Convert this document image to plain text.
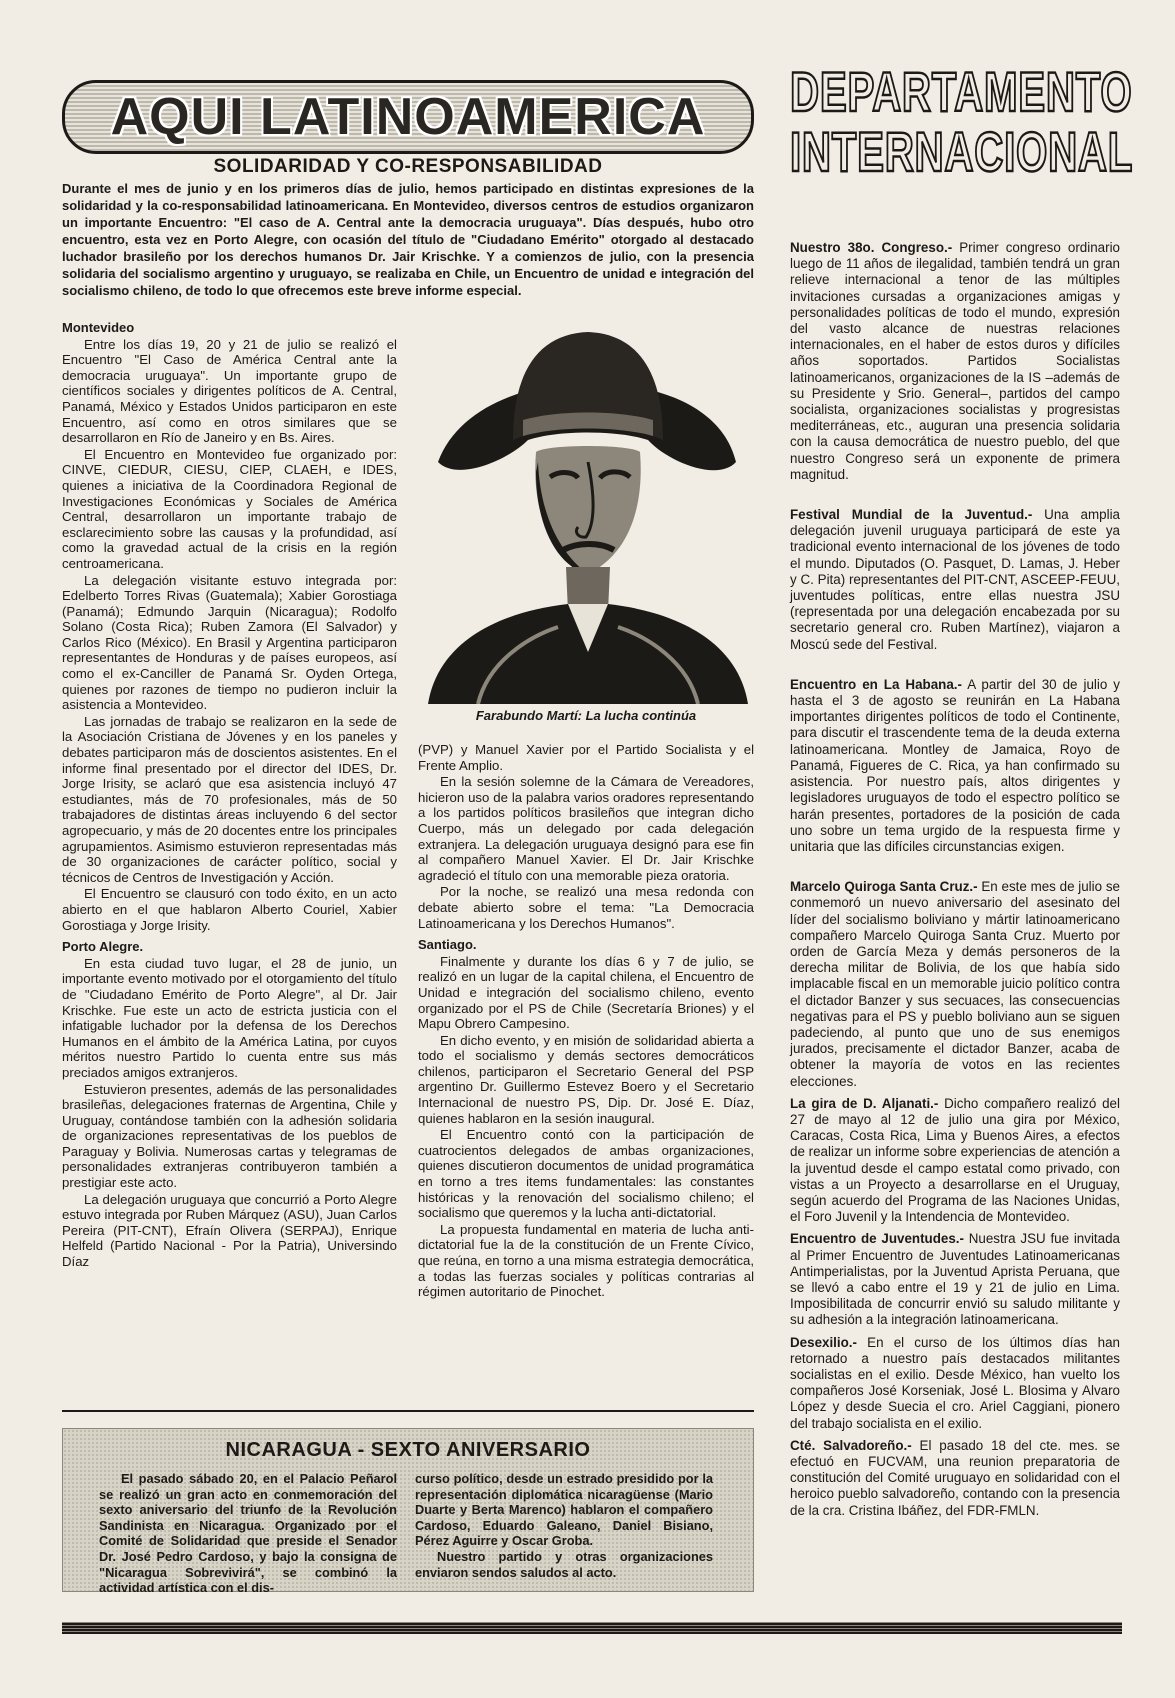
AQUI LATINOAMERICA DEPARTAMENTO
INTERNACIONAL
SOLIDARIDAD Y CO-RESPONSABILIDAD
Durante el mes de junio y en los primeros días de julio, hemos participado en distintas expresiones de la solidaridad y la co-responsabilidad latinoamericana. En Montevideo, diversos centros de estudios organizaron un importante Encuentro: "El caso de A. Central ante la democracia uruguaya". Días después, hubo otro encuentro, esta vez en Porto Alegre, con ocasión del título de "Ciudadano Emérito" otorgado al destacado luchador brasileño por los derechos humanos Dr. Jair Krischke. Y a comienzos de julio, con la presencia solidaria del socialismo argentino y uruguayo, se realizaba en Chile, un Encuentro de unidad e integración del socialismo chileno, de todo lo que ofrecemos este breve informe especial.

Montevideo

Entre los días 19, 20 y 21 de julio se realizó el Encuentro "El Caso de América Central ante la democracia uruguaya". Un importante grupo de científicos sociales y dirigentes políticos de A. Central, Panamá, México y Estados Unidos participaron en este Encuentro, así como en otros similares que se desarrollaron en Río de Janeiro y en Bs. Aires.

El Encuentro en Montevideo fue organizado por: CINVE, CIEDUR, CIESU, CIEP, CLAEH, e IDES, quienes a iniciativa de la Coordinadora Regional de Investigaciones Económicas y Sociales de América Central, desarrollaron un importante trabajo de esclarecimiento sobre las causas y la profundidad, así como la gravedad actual de la crisis en la región centroamericana.

La delegación visitante estuvo integrada por: Edelberto Torres Rivas (Guatemala); Xabier Gorostiaga (Panamá); Edmundo Jarquin (Nicaragua); Rodolfo Solano (Costa Rica); Ruben Zamora (El Salvador) y Carlos Rico (México). En Brasil y Argentina participaron representantes de Honduras y de países europeos, así como el ex-Canciller de Panamá Sr. Oyden Ortega, quienes por razones de tiempo no pudieron incluir la asistencia a Montevideo.

Las jornadas de trabajo se realizaron en la sede de la Asociación Cristiana de Jóvenes y en los paneles y debates participaron más de doscientos asistentes. En el informe final presentado por el director del IDES, Dr. Jorge Irisity, se aclaró que esa asistencia incluyó 47 estudiantes, más de 70 profesionales, más de 50 trabajadores de distintas áreas incluyendo 6 del sector agropecuario, y más de 20 docentes entre los principales agrupamientos. Asimismo estuvieron representadas más de 30 organizaciones de carácter político, social y técnicos de Centros de Investigación y Acción.

El Encuentro se clausuró con todo éxito, en un acto abierto en el que hablaron Alberto Couriel, Xabier Gorostiaga y Jorge Irisity.

Porto Alegre.

En esta ciudad tuvo lugar, el 28 de junio, un importante evento motivado por el otorgamiento del título de "Ciudadano Emérito de Porto Alegre", al Dr. Jair Krischke. Fue este un acto de estricta justicia con el infatigable luchador por la defensa de los Derechos Humanos en el ámbito de la América Latina, por cuyos méritos nuestro Partido lo cuenta entre sus más preciados amigos extranjeros.

Estuvieron presentes, además de las personalidades brasileñas, delegaciones fraternas de Argentina, Chile y Uruguay, contándose también con la adhesión solidaria de organizaciones representativas de los pueblos de Paraguay y Bolivia. Numerosas cartas y telegramas de personalidades extranjeras contribuyeron también a prestigiar este acto.

La delegación uruguaya que concurrió a Porto Alegre estuvo integrada por Ruben Márquez (ASU), Juan Carlos Pereira (PIT-CNT), Efraín Olivera (SERPAJ), Enrique Helfeld (Partido Nacional - Por la Patria), Universindo Díaz

Farabundo Martí: La lucha continúa

(PVP) y Manuel Xavier por el Partido Socialista y el Frente Amplio.

En la sesión solemne de la Cámara de Vereadores, hicieron uso de la palabra varios oradores representando a los partidos políticos brasileños que integran dicho Cuerpo, más un delegado por cada delegación extranjera. La delegación uruguaya designó para ese fin al compañero Manuel Xavier. El Dr. Jair Krischke agradeció el título con una memorable pieza oratoria.

Por la noche, se realizó una mesa redonda con debate abierto sobre el tema: "La Democracia Latinoamericana y los Derechos Humanos".

Santiago.

Finalmente y durante los días 6 y 7 de julio, se realizó en un lugar de la capital chilena, el Encuentro de Unidad e integración del socialismo chileno, evento organizado por el PS de Chile (Secretaría Briones) y el Mapu Obrero Campesino.

En dicho evento, y en misión de solidaridad abierta a todo el socialismo y demás sectores democráticos chilenos, participaron el Secretario General del PSP argentino Dr. Guillermo Estevez Boero y el Secretario Internacional de nuestro PS, Dip. Dr. José E. Díaz, quienes hablaron en la sesión inaugural.

El Encuentro contó con la participación de cuatrocientos delegados de ambas organizaciones, quienes discutieron documentos de unidad programática en torno a tres items fundamentales: las constantes históricas y la renovación del socialismo chileno; el socialismo que queremos y la lucha anti-dictatorial.

La propuesta fundamental en materia de lucha anti-dictatorial fue la de la constitución de un Frente Cívico, que reúna, en torno a una misma estrategia democrática, a todas las fuerzas sociales y políticas contrarias al régimen autoritario de Pinochet.

Nuestro 38o. Congreso.- Primer congreso ordinario luego de 11 años de ilegalidad, también tendrá un gran relieve internacional a tenor de las múltiples invitaciones cursadas a organizaciones amigas y personalidades políticas de todo el mundo, expresión del vasto alcance de nuestras relaciones internacionales, en el haber de estos duros y difíciles años soportados. Partidos Socialistas latinoamericanos, organizaciones de la IS –además de su Presidente y Srio. General–, partidos del campo socialista, organizaciones socialistas y progresistas mediterráneas, etc., auguran una presencia solidaria con la causa democrática de nuestro pueblo, del que nuestro Congreso será un exponente de primera magnitud.

Festival Mundial de la Juventud.- Una amplia delegación juvenil uruguaya participará de este ya tradicional evento internacional de los jóvenes de todo el mundo. Diputados (O. Pasquet, D. Lamas, J. Heber y C. Pita) representantes del PIT-CNT, ASCEEP-FEUU, juventudes políticas, entre ellas nuestra JSU (representada por una delegación encabezada por su secretario general cro. Ruben Martínez), viajaron a Moscú sede del Festival.

Encuentro en La Habana.- A partir del 30 de julio y hasta el 3 de agosto se reunirán en La Habana importantes dirigentes políticos de todo el Continente, para discutir el trascendente tema de la deuda externa latinoamericana. Montley de Jamaica, Royo de Panamá, Figueres de C. Rica, ya han confirmado su asistencia. Por nuestro país, altos dirigentes y legisladores uruguayos de todo el espectro político se harán presentes, portadores de la posición de cada uno sobre un tema urgido de la respuesta firme y unitaria que las difíciles circunstancias exigen.

Marcelo Quiroga Santa Cruz.- En este mes de julio se conmemoró un nuevo aniversario del asesinato del líder del socialismo boliviano y mártir latinoamericano compañero Marcelo Quiroga Santa Cruz. Muerto por orden de García Meza y demás personeros de la derecha militar de Bolivia, de los que había sido implacable fiscal en un memorable juicio político contra el dictador Banzer y sus secuaces, las consecuencias negativas para el PS y pueblo boliviano aun se siguen padeciendo, al punto que uno de sus enemigos jurados, precisamente el dictador Banzer, acaba de obtener la mayoría de votos en las recientes elecciones.

La gira de D. Aljanati.- Dicho compañero realizó del 27 de mayo al 12 de julio una gira por México, Caracas, Costa Rica, Lima y Buenos Aires, a efectos de realizar un informe sobre experiencias de atención a la juventud desde el campo estatal como privado, con vistas a un Proyecto a desarrollarse en el Uruguay, según acuerdo del Programa de las Naciones Unidas, el Foro Juvenil y la Intendencia de Montevideo.

Encuentro de Juventudes.- Nuestra JSU fue invitada al Primer Encuentro de Juventudes Latinoamericanas Antimperialistas, por la Juventud Aprista Peruana, que se llevó a cabo entre el 19 y 21 de julio en Lima. Imposibilitada de concurrir envió su saludo militante y su adhesión a la integración latinoamericana.

Desexilio.- En el curso de los últimos días han retornado a nuestro país destacados militantes socialistas en el exilio. Desde México, han vuelto los compañeros José Korseniak, José L. Blosima y Alvaro López y desde Suecia el cro. Ariel Caggiani, pionero del trabajo socialista en el exilio.

Cté. Salvadoreño.- El pasado 18 del cte. mes. se efectuó en FUCVAM, una reunion preparatoria de constitución del Comité uruguayo en solidaridad con el heroico pueblo salvadoreño, contando con la presencia de la cra. Cristina Ibáñez, del FDR-FMLN.

NICARAGUA - SEXTO ANIVERSARIO

El pasado sábado 20, en el Palacio Peñarol se realizó un gran acto en conmemoración del sexto aniversario del triunfo de la Revolución Sandinista en Nicaragua. Organizado por el Comité de Solidaridad que preside el Senador Dr. José Pedro Cardoso, y bajo la consigna de "Nicaragua Sobrevivirá", se combinó la actividad artística con el dis-

curso político, desde un estrado presidido por la representación diplomática nicaragüense (Mario Duarte y Berta Marenco) hablaron el compañero Cardoso, Eduardo Galeano, Daniel Bisiano, Pérez Aguirre y Oscar Groba.

Nuestro partido y otras organizaciones enviaron sendos saludos al acto.
